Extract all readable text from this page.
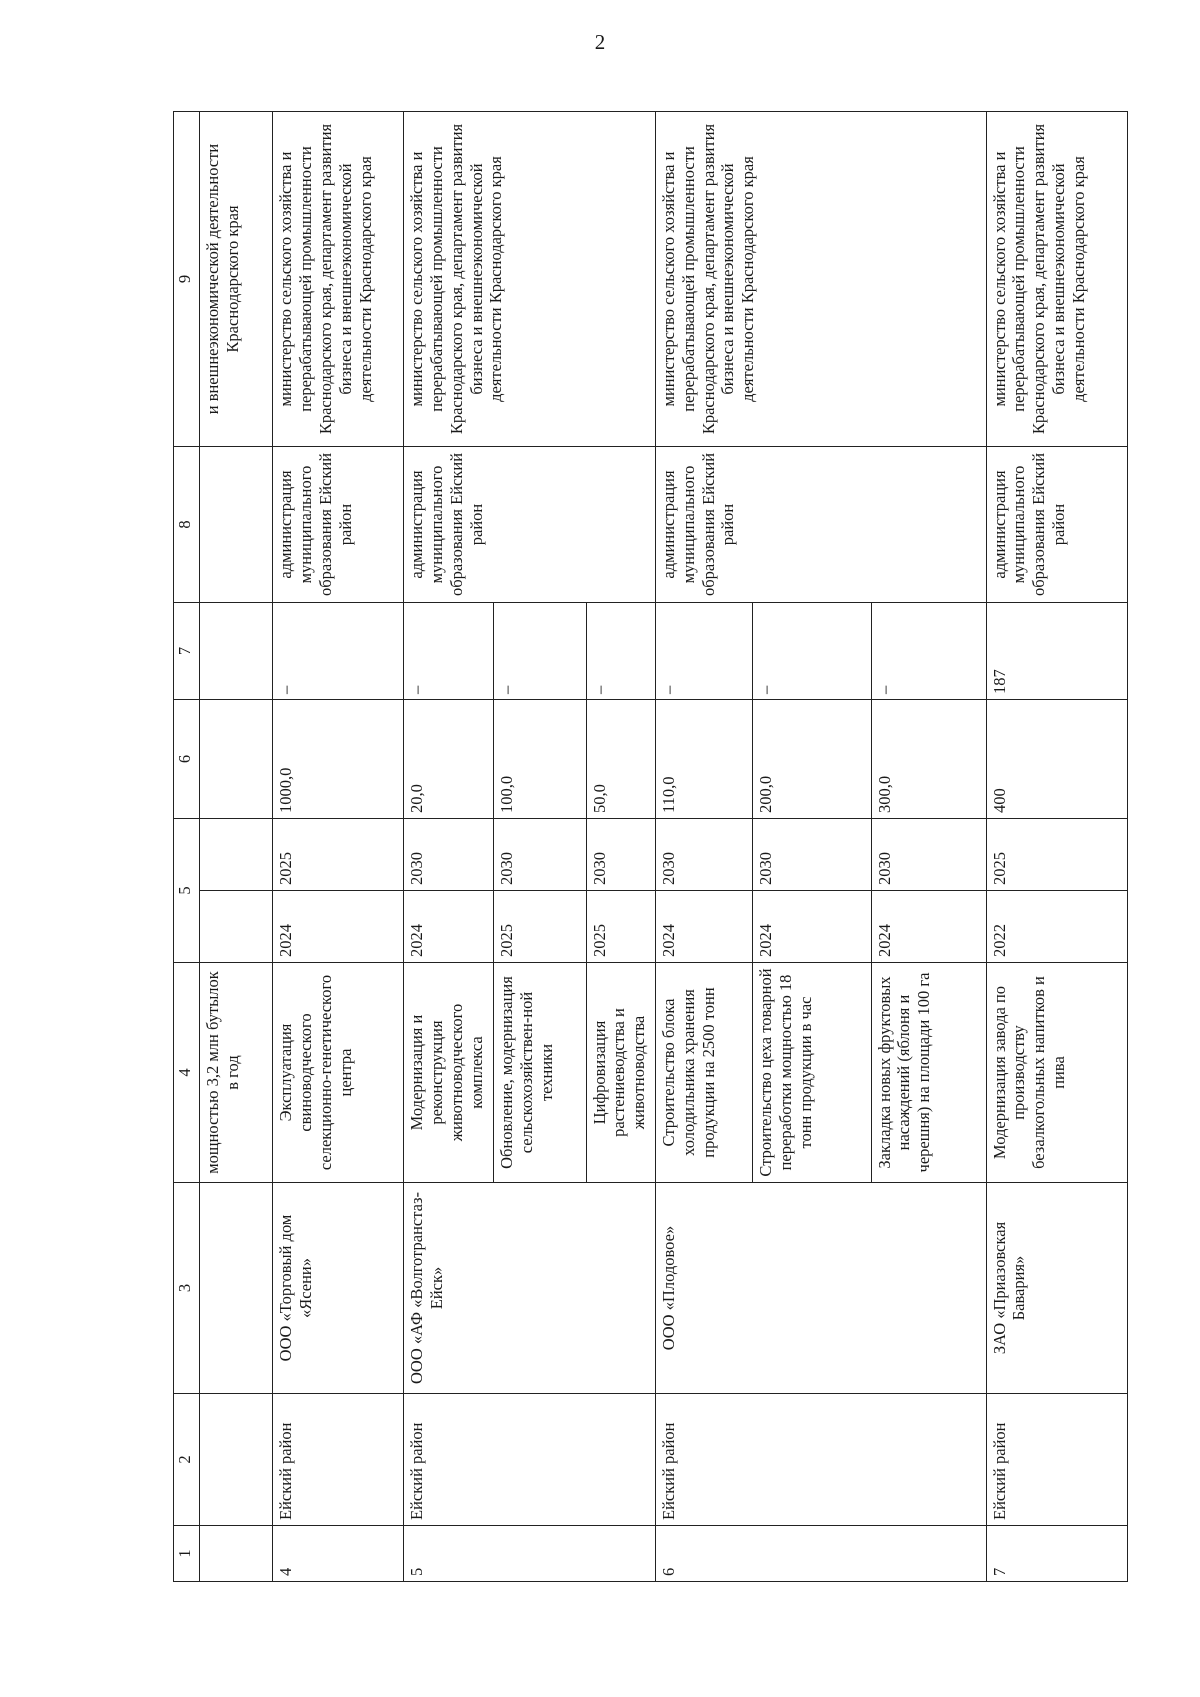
2
1	2	3	4	5		6	7	8	9
			мощностью 3,2 млн бутылок в год						и внешнеэкономической деятельности Краснодарского края
4	Ейский район	ООО «Торговый дом «Ясени»	Эксплуатация свиноводческого селекционно-генетического центра	2024	2025	1000,0	–	администрация муниципального образования Ейский район	министерство сельского хозяйства и перерабатывающей промышленности Краснодарского края, департамент развития бизнеса и внешнеэкономической деятельности Краснодарского края
5	Ейский район	ООО «АФ «Волготранстаз-Ейск»	Модернизация и реконструкция животноводческого комплекса	2024	2030	20,0	–	администрация муниципального образования Ейский район	министерство сельского хозяйства и перерабатывающей промышленности Краснодарского края, департамент развития бизнеса и внешнеэкономической деятельности Краснодарского края
			Обновление, модернизация сельскохозяйствен-ной техники	2025	2030	100,0	–		
			Цифровизация растениеводства и животноводства	2025	2030	50,0	–		
6	Ейский район	ООО «Плодовое»	Строительство блока холодильника хранения продукции на 2500 тонн	2024	2030	110,0	–	администрация муниципального образования Ейский район	министерство сельского хозяйства и перерабатывающей промышленности Краснодарского края, департамент развития бизнеса и внешнеэкономической деятельности Краснодарского края
			Строительство цеха товарной переработки мощностью 18 тонн продукции в час	2024	2030	200,0	–		
			Закладка новых фруктовых насаждений (яблоня и черешня) на площади 100 га	2024	2030	300,0	–		
7	Ейский район	ЗАО «Приазовская Бавария»	Модернизация завода по производству безалкогольных напитков и пива	2022	2025	400	187	администрация муниципального образования Ейский район	министерство сельского хозяйства и перерабатывающей промышленности Краснодарского края, департамент развития бизнеса и внешнеэкономической деятельности Краснодарского края
